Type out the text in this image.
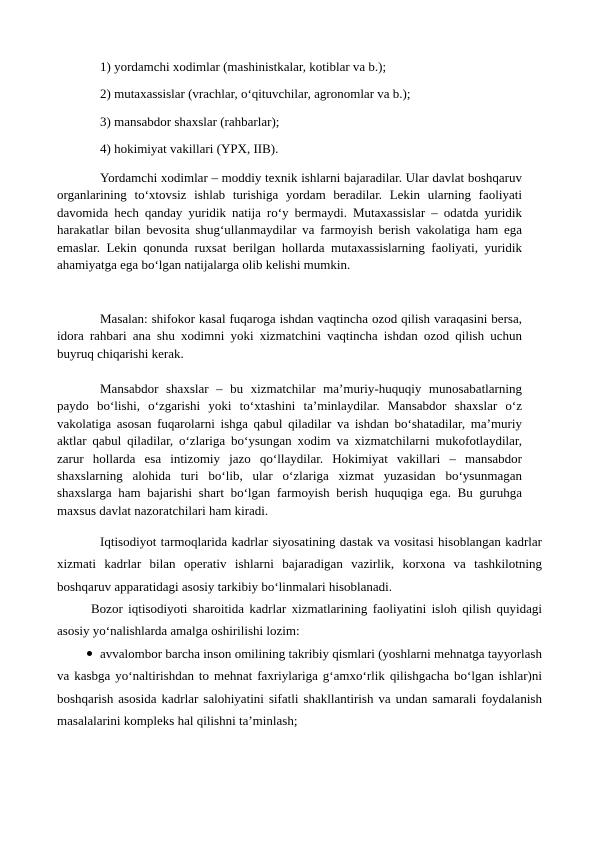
1) yordamchi xodimlar (mashinistkalar, kotiblar va b.);
2) mutaxassislar (vrachlar, o‘qituvchilar, agronomlar va b.);
3) mansabdor shaxslar (rahbarlar);
4) hokimiyat vakillari (YPX, IIB).

Yordamchi xodimlar – moddiy texnik ishlarni bajaradilar. Ular davlat boshqaruv organlarining to‘xtovsiz ishlab turishiga yordam beradilar. Lekin ularning faoliyati davomida hech qanday yuridik natija ro‘y bermaydi. Mutaxassislar – odatda yuridik harakatlar bilan bevosita shug‘ullanmaydilar va farmoyish berish vakolatiga ham ega emaslar. Lekin qonunda ruxsat berilgan hollarda mutaxassislarning faoliyati, yuridik ahamiyatga ega bo‘lgan natijalarga olib kelishi mumkin.

Masalan: shifokor kasal fuqaroga ishdan vaqtincha ozod qilish varaqasini bersa, idora rahbari ana shu xodimni yoki xizmatchini vaqtincha ishdan ozod qilish uchun buyruq chiqarishi kerak.

Mansabdor shaxslar – bu xizmatchilar ma’muriy-huquqiy munosabatlarning paydo bo‘lishi, o‘zgarishi yoki to‘xtashini ta’minlaydilar. Mansabdor shaxslar o‘z vakolatiga asosan fuqarolarni ishga qabul qiladilar va ishdan bo‘shatadilar, ma’muriy aktlar qabul qiladilar, o‘zlariga bo‘ysungan xodim va xizmatchilarni mukofotlaydilar, zarur hollarda esa intizomiy jazo qo‘llaydilar. Hokimiyat vakillari – mansabdor shaxslarning alohida turi bo‘lib, ular o‘zlariga xizmat yuzasidan bo‘ysunmagan shaxslarga ham bajarishi shart bo‘lgan farmoyish berish huquqiga ega. Bu guruhga maxsus davlat nazoratchilari ham kiradi.

Iqtisodiyot tarmoqlarida kadrlar siyosatining dastak va vositasi hisoblangan kadrlar xizmati kadrlar bilan operativ ishlarni bajaradigan vazirlik, korxona va tashkilotning boshqaruv apparatidagi asosiy tarkibiy bo‘linmalari hisoblanadi.

Bozor iqtisodiyoti sharoitida kadrlar xizmatlarining faoliyatini isloh qilish quyidagi asosiy yo‘nalishlarda amalga oshirilishi lozim:

avvalombor barcha inson omilining takribiy qismlari (yoshlarni mehnatga tayyorlash va kasbga yo‘naltirishdan to mehnat faxriylariga g‘amxo‘rlik qilishgacha bo‘lgan ishlar)ni boshqarish asosida kadrlar salohiyatini sifatli shakllantirish va undan samarali foydalanish masalalarini kompleks hal qilishni ta’minlash;
